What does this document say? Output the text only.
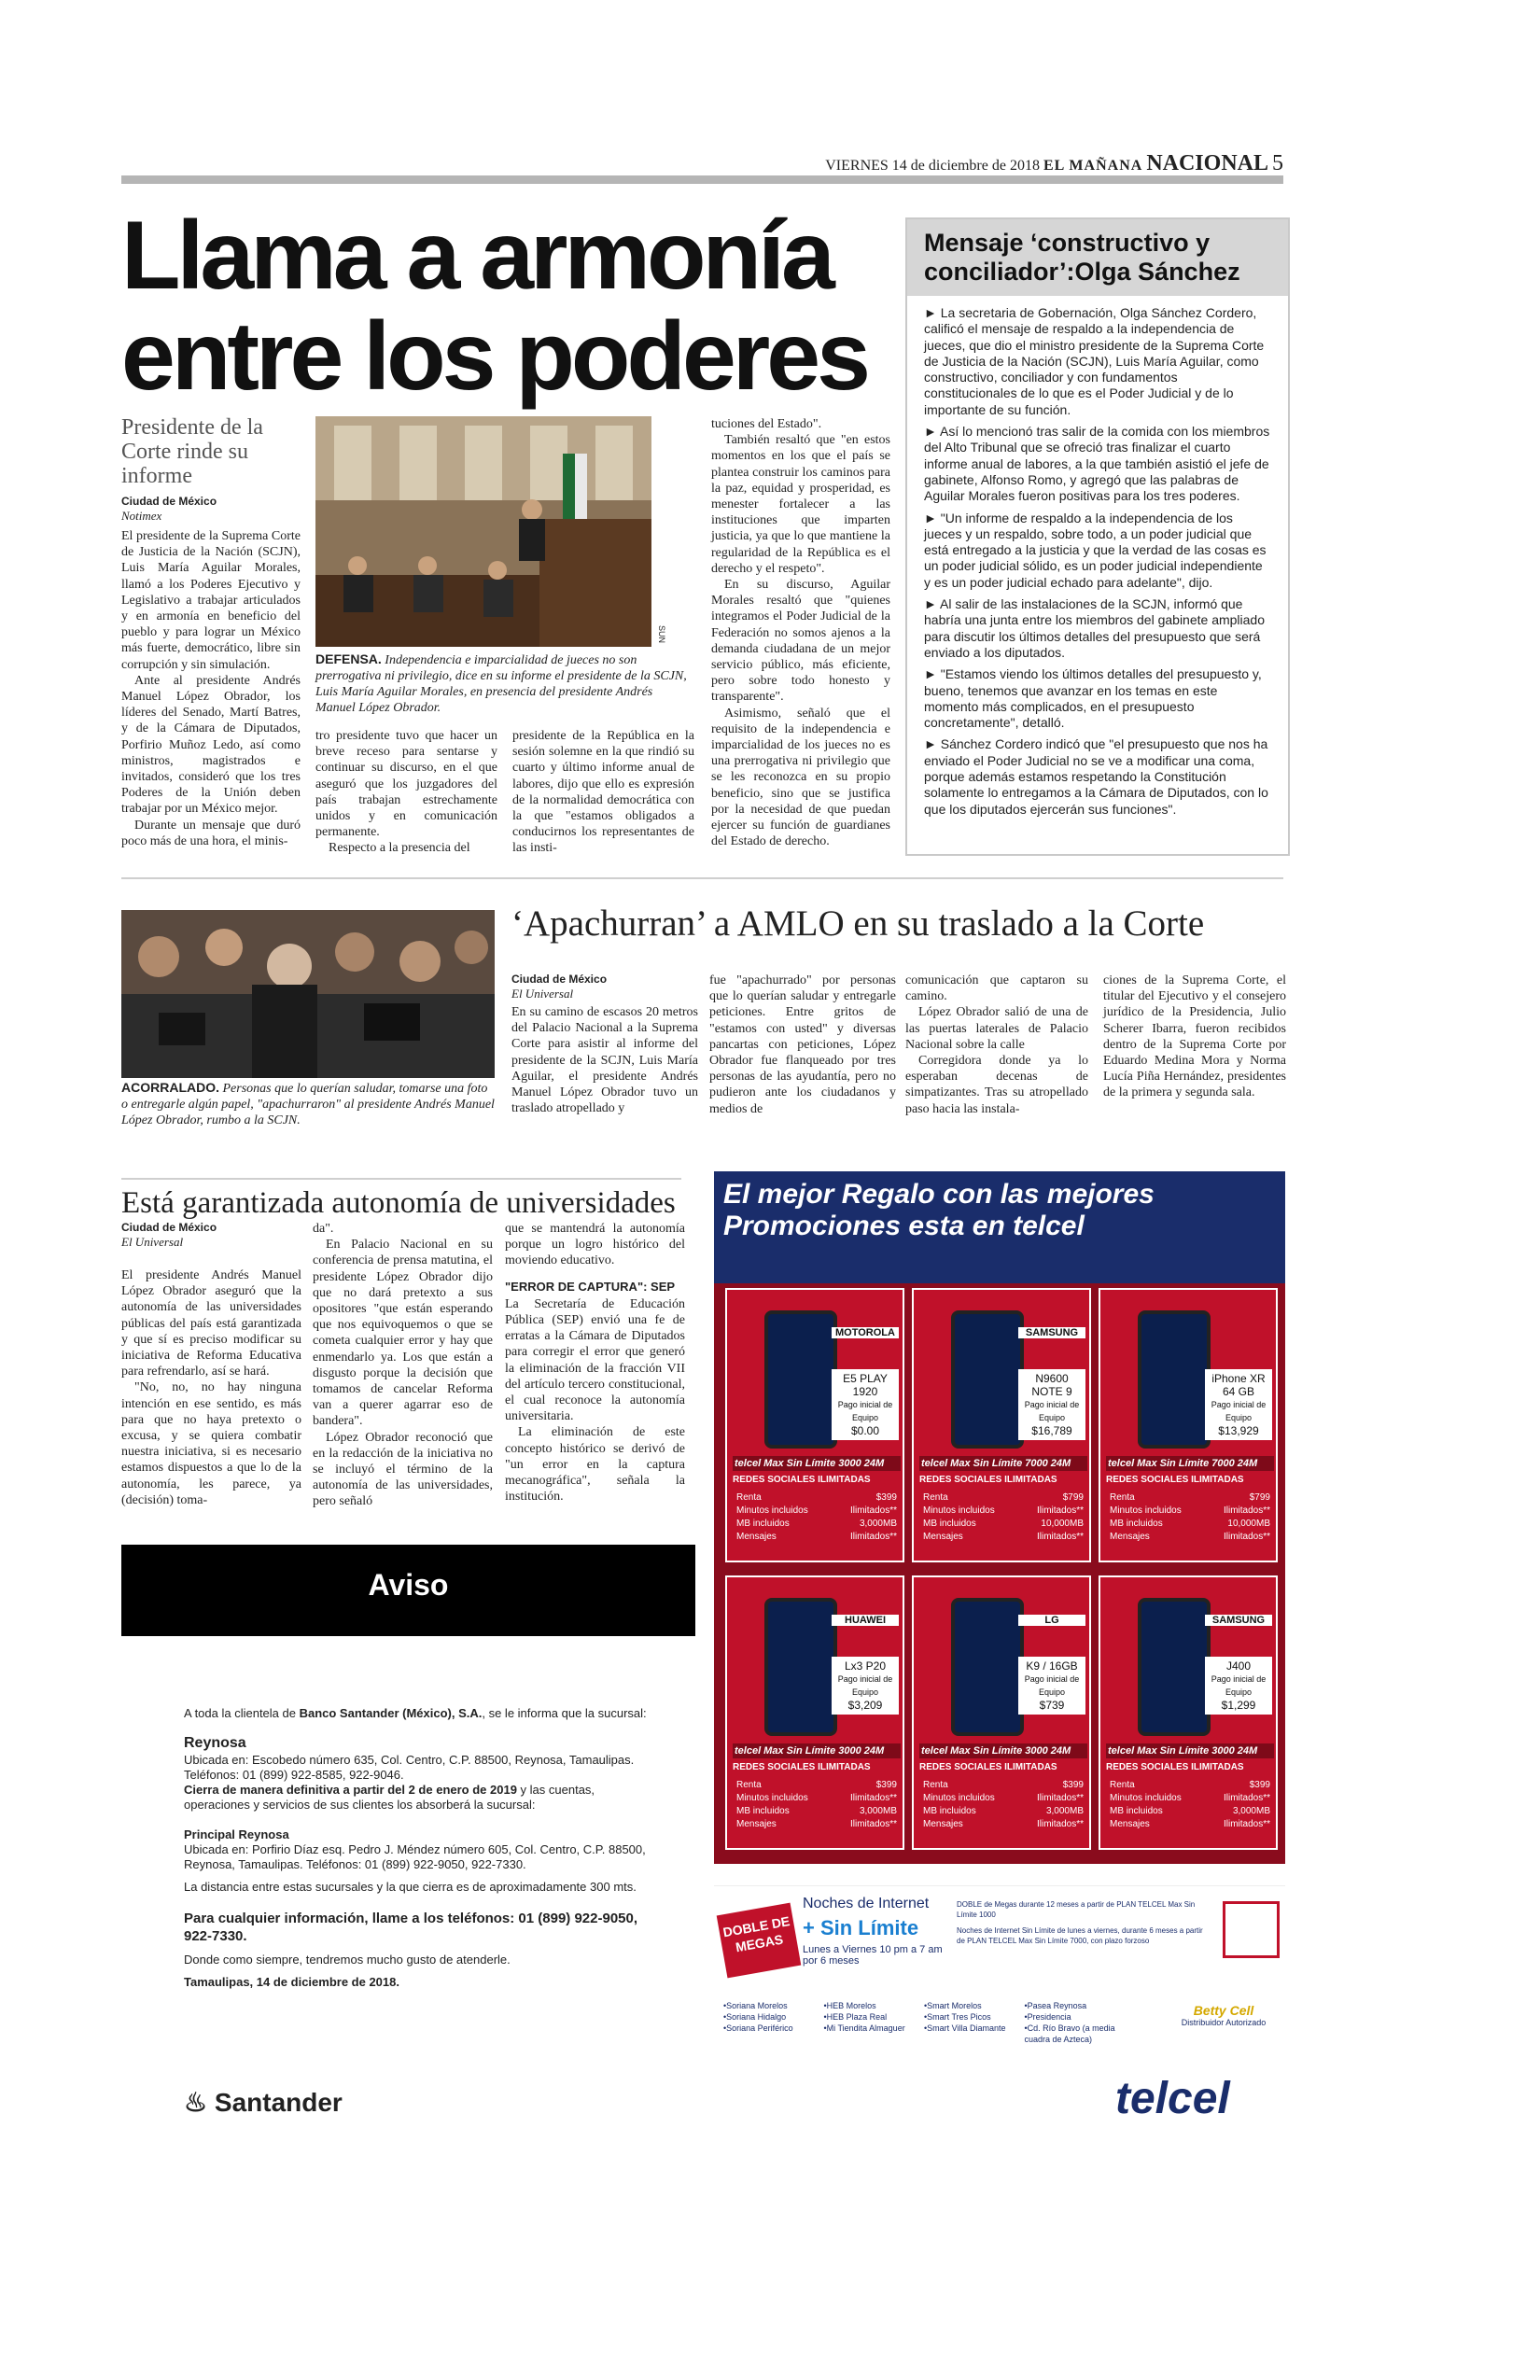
VIERNES 14 de diciembre de 2018 EL MAÑANA NACIONAL 5
Llama a armonía
entre los poderes
Presidente de la Corte rinde su informe
Ciudad de México
Notimex

El presidente de la Suprema Corte de Justicia de la Nación (SCJN), Luis María Aguilar Morales, llamó a los Poderes Ejecutivo y Legislativo a trabajar articulados y en armonía en beneficio del pueblo y para lograr un México más fuerte, democrático, libre sin corrupción y sin simulación.

Ante al presidente Andrés Manuel López Obrador, los líderes del Senado, Martí Batres, y de la Cámara de Diputados, Porfirio Muñoz Ledo, así como ministros, magistrados e invitados, consideró que los tres Poderes de la Unión deben trabajar por un México mejor.

Durante un mensaje que duró poco más de una hora, el minis-

SUN
DEFENSA. Independencia e imparcialidad de jueces no son prerrogativa ni privilegio, dice en su informe el presidente de la SCJN, Luis María Aguilar Morales, en presencia del presidente Andrés Manuel López Obrador.

tro presidente tuvo que hacer un breve receso para sentarse y continuar su discurso, en el que aseguró que los juzgadores del país trabajan estrechamente unidos y en comunicación permanente.

Respecto a la presencia del

presidente de la República en la sesión solemne en la que rindió su cuarto y último informe anual de labores, dijo que ello es expresión de la normalidad democrática con la que "estamos obligados a conducirnos los representantes de las insti-

tuciones del Estado".

También resaltó que "en estos momentos en los que el país se plantea construir los caminos para la paz, equidad y prosperidad, es menester fortalecer a las instituciones que imparten justicia, ya que lo que mantiene la regularidad de la República es el derecho y el respeto".

En su discurso, Aguilar Morales resaltó que "quienes integramos el Poder Judicial de la Federación no somos ajenos a la demanda ciudadana de un mejor servicio público, más eficiente, pero sobre todo honesto y transparente".

Asimismo, señaló que el requisito de la independencia e imparcialidad de los jueces no es una prerrogativa ni privilegio que se les reconozca en su propio beneficio, sino que se justifica por la necesidad de que puedan ejercer su función de guardianes del Estado de derecho.

Mensaje ‘constructivo y conciliador’:Olga Sánchez

► La secretaria de Gobernación, Olga Sánchez Cordero, calificó el mensaje de respaldo a la independencia de jueces, que dio el ministro presidente de la Suprema Corte de Justicia de la Nación (SCJN), Luis María Aguilar, como constructivo, conciliador y con fundamentos constitucionales de lo que es el Poder Judicial y de lo importante de su función.

► Así lo mencionó tras salir de la comida con los miembros del Alto Tribunal que se ofreció tras finalizar el cuarto informe anual de labores, a la que también asistió el jefe de gabinete, Alfonso Romo, y agregó que las palabras de Aguilar Morales fueron positivas para los tres poderes.

► "Un informe de respaldo a la independencia de los jueces y un respaldo, sobre todo, a un poder judicial que está entregado a la justicia y que la verdad de las cosas es un poder judicial sólido, es un poder judicial independiente y es un poder judicial echado para adelante", dijo.

► Al salir de las instalaciones de la SCJN, informó que habría una junta entre los miembros del gabinete ampliado para discutir los últimos detalles del presupuesto que será enviado a los diputados.

► "Estamos viendo los últimos detalles del presupuesto y, bueno, tenemos que avanzar en los temas en este momento más complicados, en el presupuesto concretamente", detalló.

► Sánchez Cordero indicó que "el presupuesto que nos ha enviado el Poder Judicial no se ve a modificar una coma, porque además estamos respetando la Constitución solamente lo entregamos a la Cámara de Diputados, con lo que los diputados ejercerán sus funciones".

ACORRALADO. Personas que lo querían saludar, tomarse una foto o entregarle algún papel, "apachurraron" al presidente Andrés Manuel López Obrador, rumbo a la SCJN.
‘Apachurran’ a AMLO en su traslado a la Corte
Ciudad de México
El Universal

En su camino de escasos 20 metros del Palacio Nacional a la Suprema Corte para asistir al informe del presidente de la SCJN, Luis María Aguilar, el presidente Andrés Manuel López Obrador tuvo un traslado atropellado y

fue "apachurrado" por personas que lo querían saludar y entregarle peticiones. Entre gritos de "estamos con usted" y diversas pancartas con peticiones, López Obrador fue flanqueado por tres personas de las ayudantía, pero no pudieron ante los ciudadanos y medios de

comunicación que captaron su camino.

López Obrador salió de una de las puertas laterales de Palacio Nacional sobre la calle

Corregidora donde ya lo esperaban decenas de simpatizantes. Tras su atropellado paso hacia las instala-

ciones de la Suprema Corte, el titular del Ejecutivo y el consejero jurídico de la Presidencia, Julio Scherer Ibarra, fueron recibidos dentro de la Suprema Corte por Eduardo Medina Mora y Norma Lucía Piña Hernández, presidentes de la primera y segunda sala.

Está garantizada autonomía de universidades
Ciudad de México
El Universal

El presidente Andrés Manuel López Obrador aseguró que la autonomía de las universidades públicas del país está garantizada y que sí es preciso modificar su iniciativa de Reforma Educativa para refrendarlo, así se hará.

"No, no, no hay ninguna intención en ese sentido, es más para que no haya pretexto o excusa, y se quiera combatir nuestra iniciativa, si es necesario estamos dispuestos a que lo de la autonomía, les parece, ya (decisión) toma-

da".

En Palacio Nacional en su conferencia de prensa matutina, el presidente López Obrador dijo que no dará pretexto a sus opositores "que están esperando que nos equivoquemos o que se cometa cualquier error y hay que enmendarlo ya. Los que están a disgusto porque la decisión que tomamos de cancelar Reforma van a querer agarrar eso de bandera".

López Obrador reconoció que en la redacción de la iniciativa no se incluyó el término de la autonomía de las universidades, pero señaló

que se mantendrá la autonomía porque un logro histórico del moviendo educativo.

"ERROR DE CAPTURA": SEP

La Secretaría de Educación Pública (SEP) envió una fe de erratas a la Cámara de Diputados para corregir el error que generó la eliminación de la fracción VII del artículo tercero constitucional, el cual reconoce la autonomía universitaria.

La eliminación de este concepto histórico se derivó de "un error en la captura mecanográfica", señala la institución.

Aviso

A toda la clientela de Banco Santander (México), S.A., se le informa que la sucursal:

Reynosa

Ubicada en: Escobedo número 635, Col. Centro, C.P. 88500, Reynosa, Tamaulipas. Teléfonos: 01 (899) 922-8585, 922-9046.

Cierra de manera definitiva a partir del 2 de enero de 2019 y las cuentas, operaciones y servicios de sus clientes los absorberá la sucursal:

Principal Reynosa

Ubicada en: Porfirio Díaz esq. Pedro J. Méndez número 605, Col. Centro, C.P. 88500, Reynosa, Tamaulipas. Teléfonos: 01 (899) 922-9050, 922-7330.

La distancia entre estas sucursales y la que cierra es de aproximadamente 300 mts.

Para cualquier información, llame a los teléfonos: 01 (899) 922-9050, 922-7330.

Donde como siempre, tendremos mucho gusto de atenderle.

Tamaulipas, 14 de diciembre de 2018.

♨ Santander
El mejor Regalo con las mejores
Promociones esta en telcel
MOTOROLA
E5 PLAY 1920
Pago inicial de Equipo
$0.00
telcel Max Sin Límite 3000 24M
REDES SOCIALES ILIMITADAS
Renta	$399
Minutos incluidos	Ilimitados**
MB incluidos	3,000MB
Mensajes	Ilimitados**
SAMSUNG
N9600 NOTE 9
Pago inicial de Equipo
$16,789
telcel Max Sin Límite 7000 24M
REDES SOCIALES ILIMITADAS
Renta	$799
Minutos incluidos	Ilimitados**
MB incluidos	10,000MB
Mensajes	Ilimitados**
iPhone XR 64 GB
Pago inicial de Equipo
$13,929
telcel Max Sin Límite 7000 24M
REDES SOCIALES ILIMITADAS
Renta	$799
Minutos incluidos	Ilimitados**
MB incluidos	10,000MB
Mensajes	Ilimitados**
HUAWEI
Lx3 P20
Pago inicial de Equipo
$3,209
telcel Max Sin Límite 3000 24M
REDES SOCIALES ILIMITADAS
Renta	$399
Minutos incluidos	Ilimitados**
MB incluidos	3,000MB
Mensajes	Ilimitados**
LG
K9 / 16GB
Pago inicial de Equipo
$739
telcel Max Sin Límite 3000 24M
REDES SOCIALES ILIMITADAS
Renta	$399
Minutos incluidos	Ilimitados**
MB incluidos	3,000MB
Mensajes	Ilimitados**
SAMSUNG
J400
Pago inicial de Equipo
$1,299
telcel Max Sin Límite 3000 24M
REDES SOCIALES ILIMITADAS
Renta	$399
Minutos incluidos	Ilimitados**
MB incluidos	3,000MB
Mensajes	Ilimitados**
DOBLE DE MEGAS
Noches de Internet
+ Sin Límite
Lunes a Viernes 10 pm a 7 am por 6 meses
DOBLE de Megas durante 12 meses a partir de PLAN TELCEL Max Sin Límite 1000
Noches de Internet Sin Límite de lunes a viernes, durante 6 meses a partir de PLAN TELCEL Max Sin Límite 7000, con plazo forzoso
•Soriana Morelos	•HEB Morelos	•Smart Morelos	•Pasea Reynosa
•Soriana Hidalgo	•HEB Plaza Real	•Smart Tres Picos	•Presidencia
•Soriana Periférico	•Mi Tiendita Almaguer	•Smart Villa Diamante	•Cd. Río Bravo (a media cuadra de Azteca)
Betty Cell
Distribuidor Autorizado
telcel
